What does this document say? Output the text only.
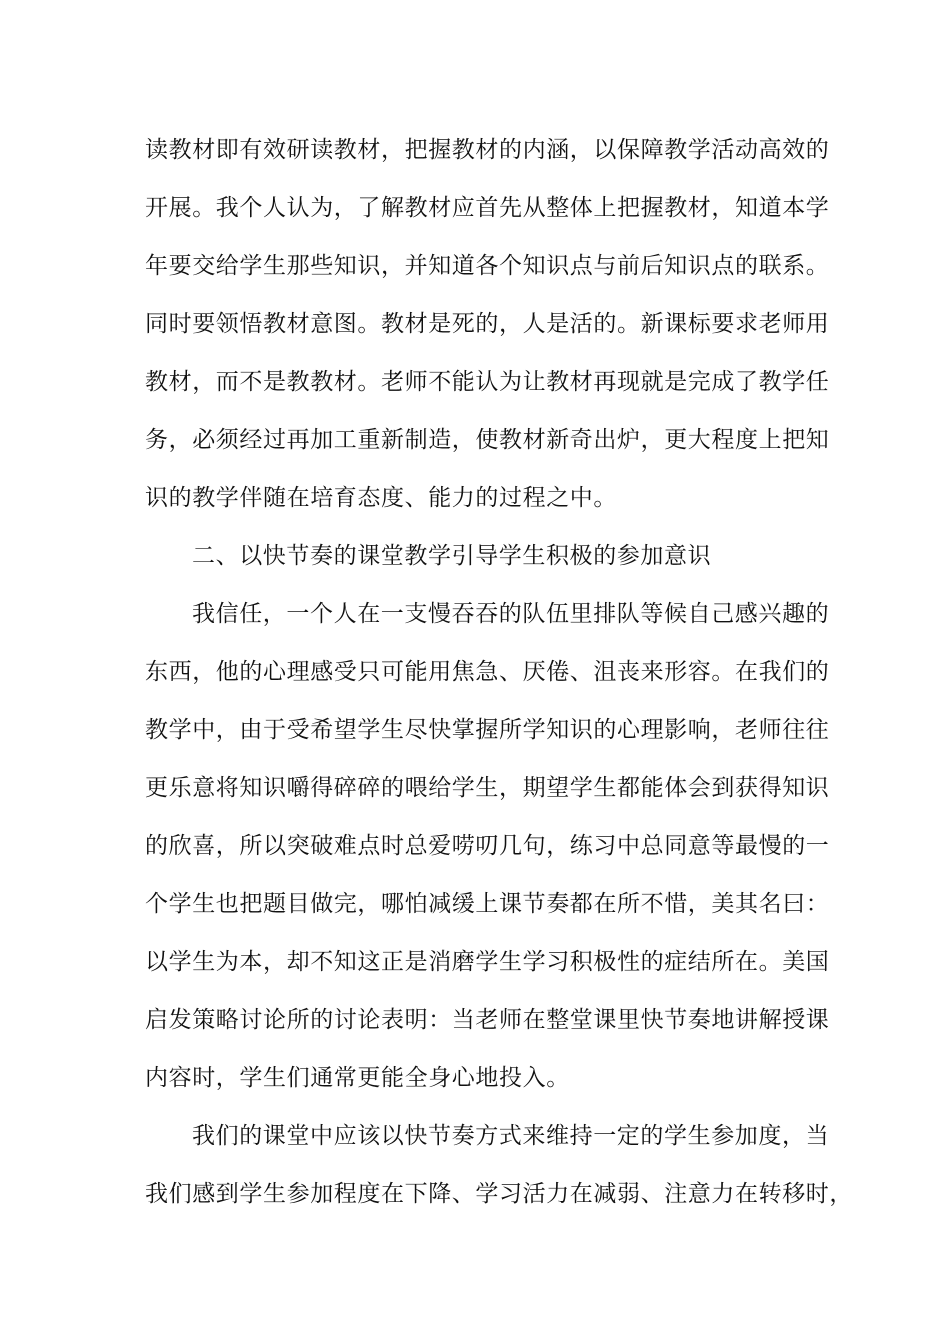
读教材即有效研读教材，把握教材的内涵，以保障教学活动高效的
开展。我个人认为，了解教材应首先从整体上把握教材，知道本学
年要交给学生那些知识，并知道各个知识点与前后知识点的联系。
同时要领悟教材意图。教材是死的，人是活的。新课标要求老师用
教材，而不是教教材。老师不能认为让教材再现就是完成了教学任
务，必须经过再加工重新制造，使教材新奇出炉，更大程度上把知
识的教学伴随在培育态度、能力的过程之中。
二、以快节奏的课堂教学引导学生积极的参加意识
我信任，一个人在一支慢吞吞的队伍里排队等候自己感兴趣的
东西，他的心理感受只可能用焦急、厌倦、沮丧来形容。在我们的
教学中，由于受希望学生尽快掌握所学知识的心理影响，老师往往
更乐意将知识嚼得碎碎的喂给学生，期望学生都能体会到获得知识
的欣喜，所以突破难点时总爱唠叨几句，练习中总同意等最慢的一
个学生也把题目做完，哪怕减缓上课节奏都在所不惜，美其名曰：
以学生为本，却不知这正是消磨学生学习积极性的症结所在。美国
启发策略讨论所的讨论表明：当老师在整堂课里快节奏地讲解授课
内容时，学生们通常更能全身心地投入。
我们的课堂中应该以快节奏方式来维持一定的学生参加度，当
我们感到学生参加程度在下降、学习活力在减弱、注意力在转移时，
